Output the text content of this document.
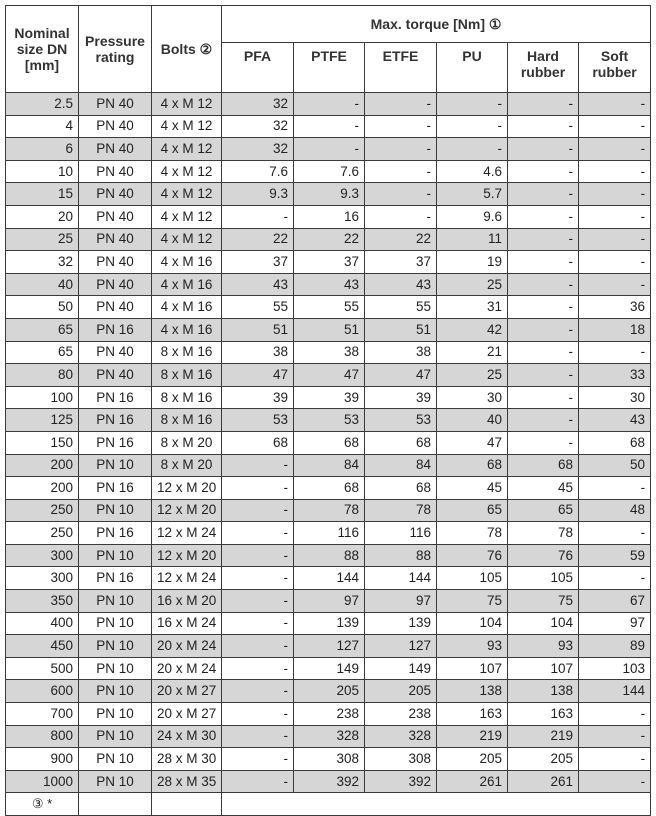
Nominal size DN [mm]	Pressure rating	Bolts ②	Max. torque [Nm] ①					
			PFA	PTFE	ETFE	PU	Hard rubber	Soft rubber
2.5	PN 40	4 x M 12	32	-	-	-	-	-
4	PN 40	4 x M 12	32	-	-	-	-	-
6	PN 40	4 x M 12	32	-	-	-	-	-
10	PN 40	4 x M 12	7.6	7.6	-	4.6	-	-
15	PN 40	4 x M 12	9.3	9.3	-	5.7	-	-
20	PN 40	4 x M 12	-	16	-	9.6	-	-
25	PN 40	4 x M 12	22	22	22	11	-	-
32	PN 40	4 x M 16	37	37	37	19	-	-
40	PN 40	4 x M 16	43	43	43	25	-	-
50	PN 40	4 x M 16	55	55	55	31	-	36
65	PN 16	4 x M 16	51	51	51	42	-	18
65	PN 40	8 x M 16	38	38	38	21	-	-
80	PN 40	8 x M 16	47	47	47	25	-	33
100	PN 16	8 x M 16	39	39	39	30	-	30
125	PN 16	8 x M 16	53	53	53	40	-	43
150	PN 16	8 x M 20	68	68	68	47	-	68
200	PN 10	8 x M 20	-	84	84	68	68	50
200	PN 16	12 x M 20	-	68	68	45	45	-
250	PN 10	12 x M 20	-	78	78	65	65	48
250	PN 16	12 x M 24	-	116	116	78	78	-
300	PN 10	12 x M 20	-	88	88	76	76	59
300	PN 16	12 x M 24	-	144	144	105	105	-
350	PN 10	16 x M 20	-	97	97	75	75	67
400	PN 10	16 x M 24	-	139	139	104	104	97
450	PN 10	20 x M 24	-	127	127	93	93	89
500	PN 10	20 x M 24	-	149	149	107	107	103
600	PN 10	20 x M 27	-	205	205	138	138	144
700	PN 10	20 x M 27	-	238	238	163	163	-
800	PN 10	24 x M 30	-	328	328	219	219	-
900	PN 10	28 x M 30	-	308	308	205	205	-
1000	PN 10	28 x M 35	-	392	392	261	261	-
③ *								
